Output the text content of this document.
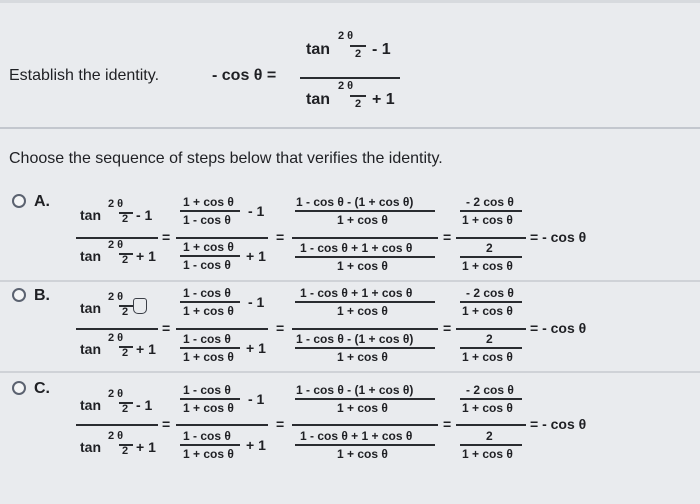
Establish the identity.	- cos θ =
tan
2 θ
2 - 1
tan
2 θ
2 + 1
Choose the sequence of steps below that verifies the identity.
A.
tan
2 θ
2 - 1
tan
2 θ
2 + 1
=
1 + cos θ
1 - cos θ
- 1
1 + cos θ
1 - cos θ
+ 1
=
1 - cos θ - (1 + cos θ)
1 + cos θ
1 - cos θ + 1 + cos θ
1 + cos θ
=
- 2 cos θ
1 + cos θ
2
1 + cos θ
= - cos θ
B.
tan
2 θ
2
tan
2 θ
2 + 1
=
1 - cos θ
1 + cos θ
- 1
1 - cos θ
1 + cos θ
+ 1
=
1 - cos θ + 1 + cos θ
1 + cos θ
1 - cos θ - (1 + cos θ)
1 + cos θ
=
- 2 cos θ
1 + cos θ
2
1 + cos θ
= - cos θ
C.
tan
2 θ
2 - 1
tan
2 θ
2 + 1
=
1 - cos θ
1 + cos θ
- 1
1 - cos θ
1 + cos θ
+ 1
=
1 - cos θ - (1 + cos θ)
1 + cos θ
1 - cos θ + 1 + cos θ
1 + cos θ
=
- 2 cos θ
1 + cos θ
2
1 + cos θ
= - cos θ
